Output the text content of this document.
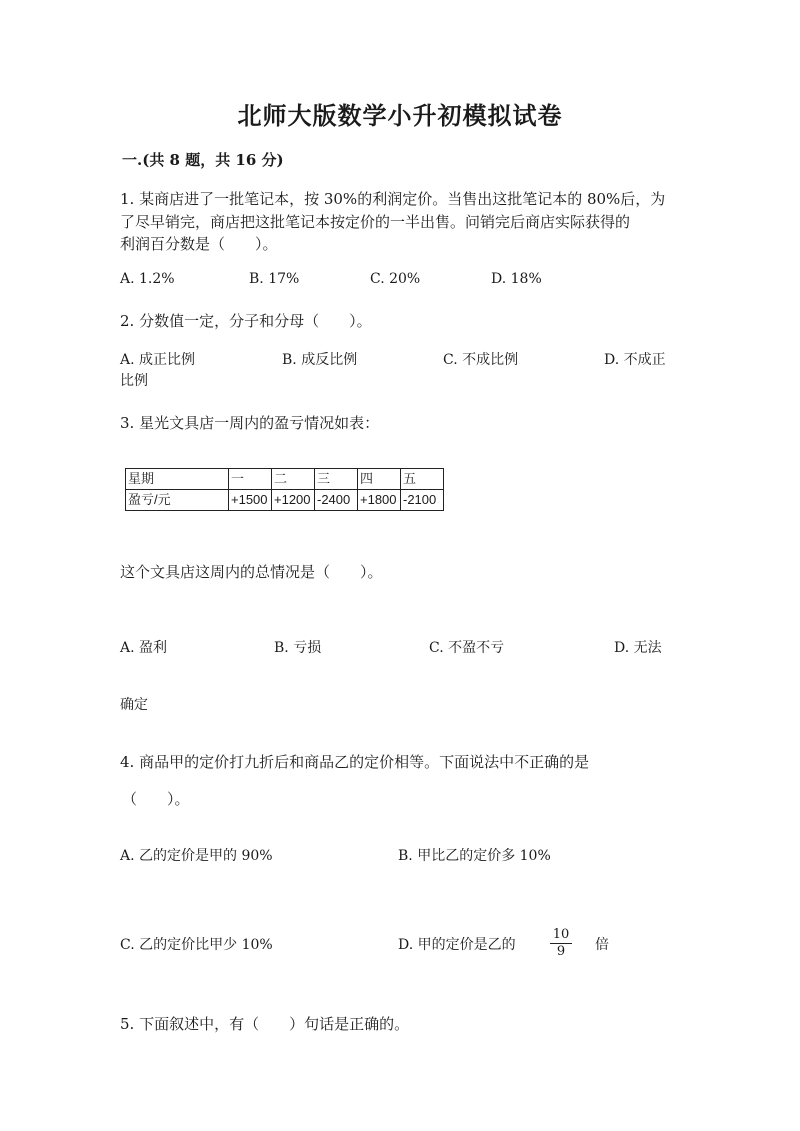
北师大版数学小升初模拟试卷
一.(共 8 题，共 16 分)
1. 某商店进了一批笔记本，按 30%的利润定价。当售出这批笔记本的 80%后，为
了尽早销完，商店把这批笔记本按定价的一半出售。问销完后商店实际获得的
利润百分数是（　　）。
A. 1.2%	B. 17%	C. 20%	D. 18%
2. 分数值一定，分子和分母（　　）。
A. 成正比例	B. 成反比例	C. 不成比例	D. 不成正
比例
3. 星光文具店一周内的盈亏情况如表：
星期	一	二	三	四	五
盈亏/元	+1500	+1200	-2400	+1800	-2100
这个文具店这周内的总情况是（　　）。
A. 盈利	B. 亏损	C. 不盈不亏	D. 无法
确定
4. 商品甲的定价打九折后和商品乙的定价相等。下面说法中不正确的是
（　　）。
A. 乙的定价是甲的 90%	B. 甲比乙的定价多 10%
C. 乙的定价比甲少 10%	D. 甲的定价是乙的	$\frac{10}{9}$ 倍
5. 下面叙述中，有（　　）句话是正确的。
